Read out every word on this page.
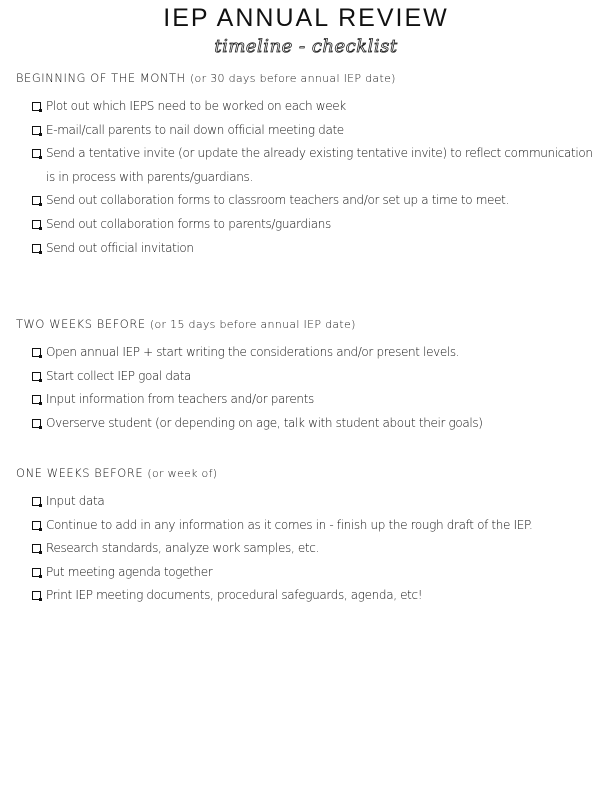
IEP ANNUAL REVIEW
timeline - checklist
BEGINNING OF THE MONTH (or 30 days before annual IEP date)
Plot out which IEPS need to be worked on each week
E-mail/call parents to nail down official meeting date
Send a tentative invite (or update the already existing tentative invite) to reflect communication is in process with parents/guardians.
Send out collaboration forms to classroom teachers and/or set up a time to meet.
Send out collaboration forms to parents/guardians
Send out official invitation
TWO WEEKS BEFORE (or 15 days before annual IEP date)
Open annual IEP + start writing the considerations and/or present levels.
Start collect IEP goal data
Input information from teachers and/or parents
Overserve student (or depending on age, talk with student about their goals)
ONE WEEKS BEFORE (or week of)
Input data
Continue to add in any information as it comes in - finish up the rough draft of the IEP.
Research standards, analyze work samples, etc.
Put meeting agenda together
Print IEP meeting documents, procedural safeguards, agenda, etc!
